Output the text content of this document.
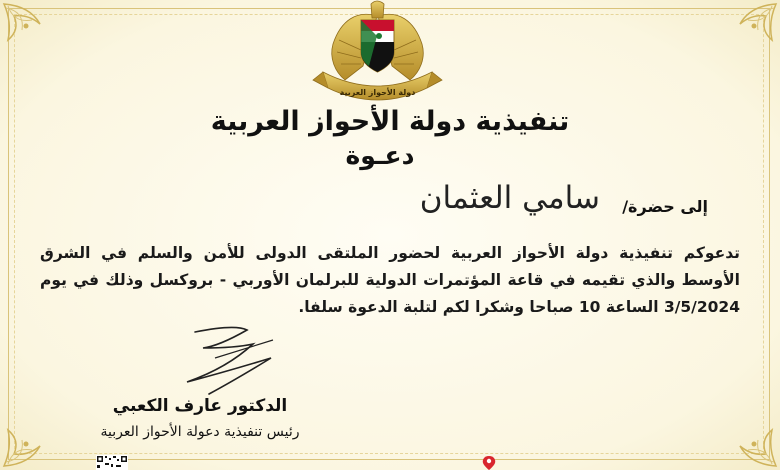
دولة الأحواز العربية
تنفيذية دولة الأحواز العربية
دعـوة
إلى حضرة/
سامي العثمان
تدعوكم تنفيذية دولة الأحواز العربية لحضور الملتقى الدولى للأمن والسلم في الشرق الأوسط والذي تقيمه في قاعة المؤتمرات الدولية للبرلمان الأوربي - بروكسل وذلك في يوم 3/5/2024 الساعة 10 صباحا وشكرا لكم لتلبة الدعوة سلفا.
الدكتور عارف الكعبي
رئيس تنفيذية دعولة الأحواز العربية
